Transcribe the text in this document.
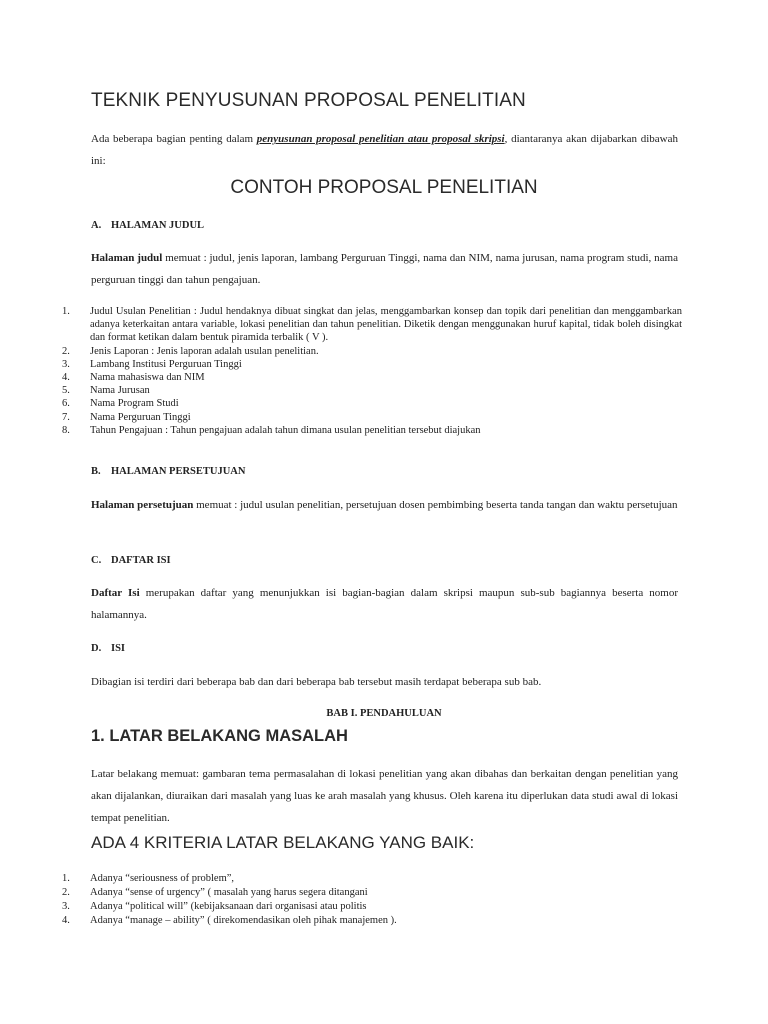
TEKNIK PENYUSUNAN PROPOSAL PENELITIAN

Ada beberapa bagian penting dalam penyusunan proposal penelitian atau proposal skripsi, diantaranya akan dijabarkan dibawah ini:

CONTOH PROPOSAL PENELITIAN

A. HALAMAN JUDUL

Halaman judul memuat : judul, jenis laporan, lambang Perguruan Tinggi, nama dan NIM, nama jurusan, nama program studi, nama perguruan tinggi dan tahun pengajuan.

1.	Judul Usulan Penelitian : Judul hendaknya dibuat singkat dan jelas, menggambarkan konsep dan topik dari penelitian dan menggambarkan adanya keterkaitan antara variable, lokasi penelitian dan tahun penelitian. Diketik dengan menggunakan huruf kapital, tidak boleh disingkat dan format ketikan dalam bentuk piramida terbalik ( V ).
2.	Jenis Laporan : Jenis laporan adalah usulan penelitian.
3.	Lambang Institusi Perguruan Tinggi
4.	Nama mahasiswa dan NIM
5.	Nama Jurusan
6.	Nama Program Studi
7.	Nama Perguruan Tinggi
8.	Tahun Pengajuan : Tahun pengajuan adalah tahun dimana usulan penelitian tersebut diajukan

B. HALAMAN PERSETUJUAN

Halaman persetujuan memuat : judul usulan penelitian, persetujuan dosen pembimbing beserta tanda tangan dan waktu persetujuan

C. DAFTAR ISI

Daftar Isi merupakan daftar yang menunjukkan isi bagian-bagian dalam skripsi maupun sub-sub bagiannya beserta nomor halamannya.

D. ISI

Dibagian isi terdiri dari beberapa bab dan dari beberapa bab tersebut masih terdapat beberapa sub bab.

BAB I. PENDAHULUAN
1. LATAR BELAKANG MASALAH

Latar belakang memuat: gambaran tema permasalahan di lokasi penelitian yang akan dibahas dan berkaitan dengan penelitian yang akan dijalankan, diuraikan dari masalah yang luas ke arah masalah yang khusus. Oleh karena itu diperlukan data studi awal di lokasi tempat penelitian.

ADA 4 KRITERIA LATAR BELAKANG YANG BAIK:
1.	Adanya “seriousness of problem”,
2.	Adanya “sense of urgency” ( masalah yang harus segera ditangani
3.	Adanya “political will” (kebijaksanaan dari organisasi atau politis
4.	Adanya “manage – ability” ( direkomendasikan oleh pihak manajemen ).
